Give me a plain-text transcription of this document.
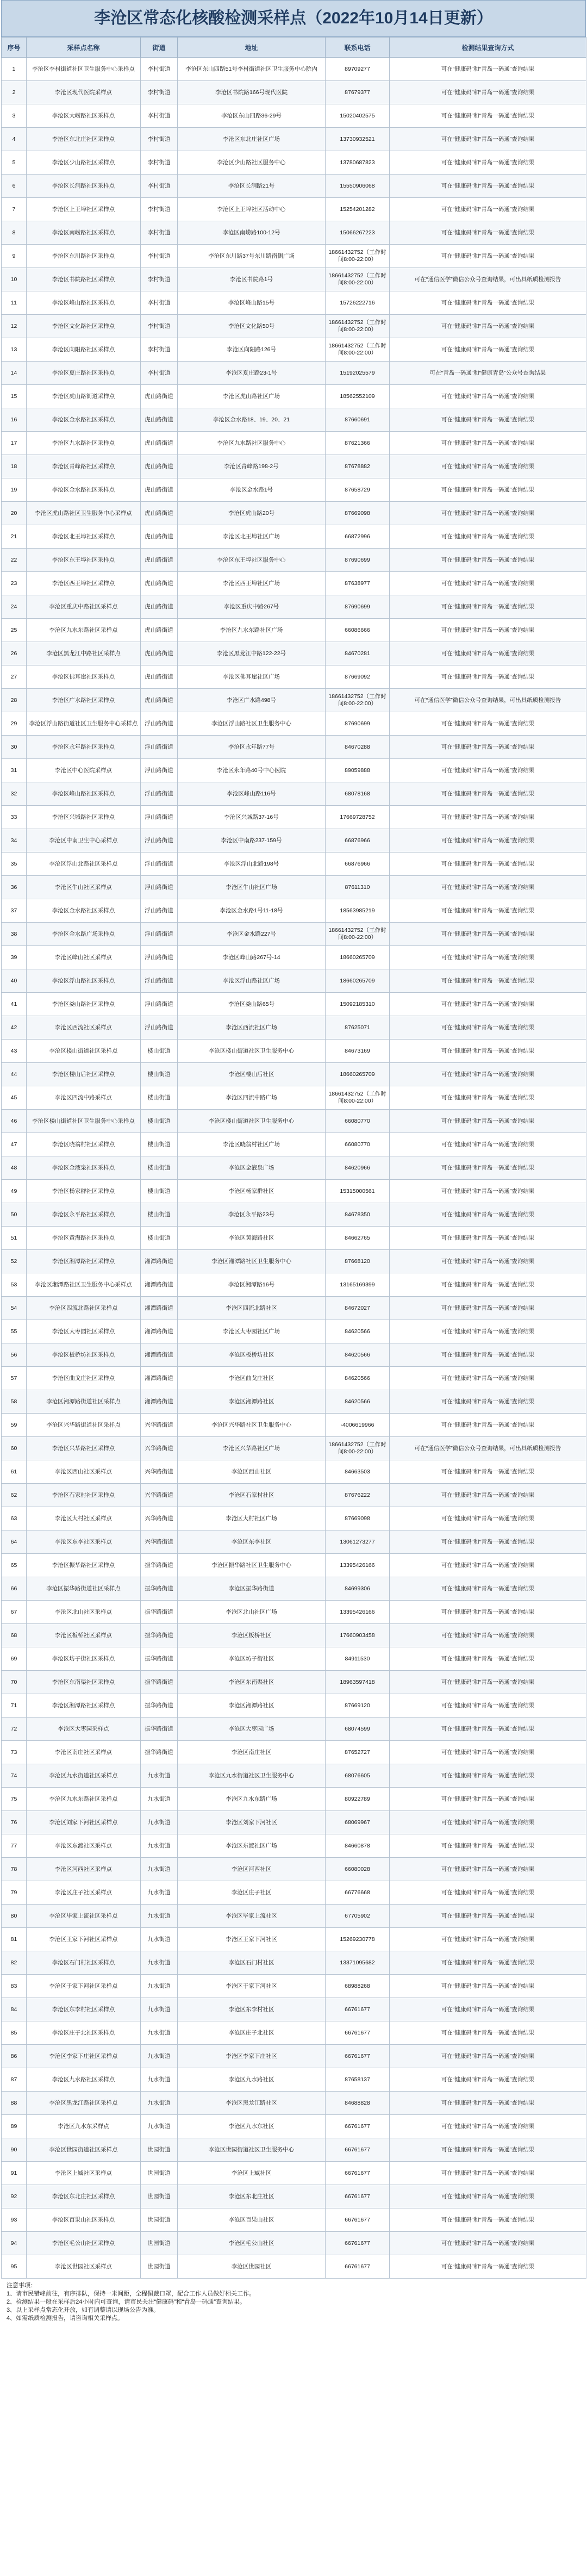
李沧区常态化核酸检测采样点（2022年10月14日更新）
序号	采样点名称	街道	地址	联系电话	检测结果查询方式
1	李沧区李村街道社区卫生服务中心采样点	李村街道	李沧区东山四路51号李村街道社区卫生服务中心院内	89709277	可在“健康码”和“青岛一码通”查询结果
2	李沧区现代医院采样点	李村街道	李沧区书院路166号现代医院	87679377	可在“健康码”和“青岛一码通”查询结果
3	李沧区大崂路社区采样点	李村街道	李沧区东山四路36-29号	15020402575	可在“健康码”和“青岛一码通”查询结果
4	李沧区东北庄社区采样点	李村街道	李沧区东北庄社区广场	13730932521	可在“健康码”和“青岛一码通”查询结果
5	李沧区少山路社区采样点	李村街道	李沧区少山路社区服务中心	13780687823	可在“健康码”和“青岛一码通”查询结果
6	李沧区长涧路社区采样点	李村街道	李沧区长涧路21号	15550906068	可在“健康码”和“青岛一码通”查询结果
7	李沧区上王埠社区采样点	李村街道	李沧区上王埠社区活动中心	15254201282	可在“健康码”和“青岛一码通”查询结果
8	李沧区南崂路社区采样点	李村街道	李沧区南崂路100-12号	15066267223	可在“健康码”和“青岛一码通”查询结果
9	李沧区东川路社区采样点	李村街道	李沧区东川路37号东川路南侧广场	18661432752（工作时间8:00-22:00）	可在“健康码”和“青岛一码通”查询结果
10	李沧区书院路社区采样点	李村街道	李沧区书院路1号	18661432752（工作时间8:00-22:00）	可在“通信医学”微信公众号查询结果，可出具纸质检测报告
11	李沧区峰山路社区采样点	李村街道	李沧区峰山路15号	15726222716	可在“健康码”和“青岛一码通”查询结果
12	李沧区文化路社区采样点	李村街道	李沧区文化路50号	18661432752（工作时间8:00-22:00）	可在“健康码”和“青岛一码通”查询结果
13	李沧区向阳路社区采样点	李村街道	李沧区向阳路126号	18661432752（工作时间8:00-22:00）	可在“健康码”和“青岛一码通”查询结果
14	李沧区夏庄路社区采样点	李村街道	李沧区夏庄路23-1号	15192025579	可在“青岛一码通”和“健康青岛”公众号查询结果
15	李沧区虎山路街道采样点	虎山路街道	李沧区虎山路社区广场	18562552109	可在“健康码”和“青岛一码通”查询结果
16	李沧区金水路社区采样点	虎山路街道	李沧区金水路18、19、20、21	87660691	可在“健康码”和“青岛一码通”查询结果
17	李沧区九水路社区采样点	虎山路街道	李沧区九水路社区服务中心	87621366	可在“健康码”和“青岛一码通”查询结果
18	李沧区青峰路社区采样点	虎山路街道	李沧区青峰路198-2号	87678882	可在“健康码”和“青岛一码通”查询结果
19	李沧区金水路社区采样点	虎山路街道	李沧区金水路1号	87658729	可在“健康码”和“青岛一码通”查询结果
20	李沧区虎山路社区卫生服务中心采样点	虎山路街道	李沧区虎山路20号	87669098	可在“健康码”和“青岛一码通”查询结果
21	李沧区北王埠社区采样点	虎山路街道	李沧区北王埠社区广场	66872996	可在“健康码”和“青岛一码通”查询结果
22	李沧区东王埠社区采样点	虎山路街道	李沧区东王埠社区服务中心	87690699	可在“健康码”和“青岛一码通”查询结果
23	李沧区西王埠社区采样点	虎山路街道	李沧区西王埠社区广场	87638977	可在“健康码”和“青岛一码通”查询结果
24	李沧区重庆中路社区采样点	虎山路街道	李沧区重庆中路267号	87690699	可在“健康码”和“青岛一码通”查询结果
25	李沧区九水东路社区采样点	虎山路街道	李沧区九水东路社区广场	66086666	可在“健康码”和“青岛一码通”查询结果
26	李沧区黑龙江中路社区采样点	虎山路街道	李沧区黑龙江中路122-22号	84670281	可在“健康码”和“青岛一码通”查询结果
27	李沧区佛耳崖社区采样点	虎山路街道	李沧区佛耳崖社区广场	87669092	可在“健康码”和“青岛一码通”查询结果
28	李沧区广水路社区采样点	虎山路街道	李沧区广水路498号	18661432752（工作时间8:00-22:00）	可在“通信医学”微信公众号查询结果，可出具纸质检测报告
29	李沧区浮山路街道社区卫生服务中心采样点	浮山路街道	李沧区浮山路社区卫生服务中心	87690699	可在“健康码”和“青岛一码通”查询结果
30	李沧区永年路社区采样点	浮山路街道	李沧区永年路77号	84670288	可在“健康码”和“青岛一码通”查询结果
31	李沧区中心医院采样点	浮山路街道	李沧区永年路40号中心医院	89059888	可在“健康码”和“青岛一码通”查询结果
32	李沧区峰山路社区采样点	浮山路街道	李沧区峰山路116号	68078168	可在“健康码”和“青岛一码通”查询结果
33	李沧区兴城路社区采样点	浮山路街道	李沧区兴城路37-16号	17669728752	可在“健康码”和“青岛一码通”查询结果
34	李沧区中南卫生中心采样点	浮山路街道	李沧区中南路237-159号	66876966	可在“健康码”和“青岛一码通”查询结果
35	李沧区浮山北路社区采样点	浮山路街道	李沧区浮山北路198号	66876966	可在“健康码”和“青岛一码通”查询结果
36	李沧区牛山社区采样点	浮山路街道	李沧区牛山社区广场	87611310	可在“健康码”和“青岛一码通”查询结果
37	李沧区金水路社区采样点	浮山路街道	李沧区金水路1号11-18号	18563985219	可在“健康码”和“青岛一码通”查询结果
38	李沧区金水路广场采样点	浮山路街道	李沧区金水路227号	18661432752（工作时间8:00-22:00）	可在“健康码”和“青岛一码通”查询结果
39	李沧区峰山社区采样点	浮山路街道	李沧区峰山路267号-14	18660265709	可在“健康码”和“青岛一码通”查询结果
40	李沧区浮山路社区采样点	浮山路街道	李沧区浮山路社区广场	18660265709	可在“健康码”和“青岛一码通”查询结果
41	李沧区娄山路社区采样点	浮山路街道	李沧区娄山路65号	15092185310	可在“健康码”和“青岛一码通”查询结果
42	李沧区西流社区采样点	浮山路街道	李沧区西流社区广场	87625071	可在“健康码”和“青岛一码通”查询结果
43	李沧区楼山街道社区采样点	楼山街道	李沧区楼山街道社区卫生服务中心	84673169	可在“健康码”和“青岛一码通”查询结果
44	李沧区楼山后社区采样点	楼山街道	李沧区楼山后社区	18660265709	可在“健康码”和“青岛一码通”查询结果
45	李沧区四流中路采样点	楼山街道	李沧区四流中路广场	18661432752（工作时间8:00-22:00）	可在“健康码”和“青岛一码通”查询结果
46	李沧区楼山街道社区卫生服务中心采样点	楼山街道	李沧区楼山街道社区卫生服务中心	66080770	可在“健康码”和“青岛一码通”查询结果
47	李沧区晓翁村社区采样点	楼山街道	李沧区晓翁村社区广场	66080770	可在“健康码”和“青岛一码通”查询结果
48	李沧区金液泉社区采样点	楼山街道	李沧区金液泉广场	84620966	可在“健康码”和“青岛一码通”查询结果
49	李沧区杨家群社区采样点	楼山街道	李沧区杨家群社区	15315000561	可在“健康码”和“青岛一码通”查询结果
50	李沧区永平路社区采样点	楼山街道	李沧区永平路23号	84678350	可在“健康码”和“青岛一码通”查询结果
51	李沧区黄海路社区采样点	楼山街道	李沧区黄海路社区	84662765	可在“健康码”和“青岛一码通”查询结果
52	李沧区湘潭路社区采样点	湘潭路街道	李沧区湘潭路社区卫生服务中心	87668120	可在“健康码”和“青岛一码通”查询结果
53	李沧区湘潭路社区卫生服务中心采样点	湘潭路街道	李沧区湘潭路16号	13165169399	可在“健康码”和“青岛一码通”查询结果
54	李沧区四流北路社区采样点	湘潭路街道	李沧区四流北路社区	84672027	可在“健康码”和“青岛一码通”查询结果
55	李沧区大枣园社区采样点	湘潭路街道	李沧区大枣园社区广场	84620566	可在“健康码”和“青岛一码通”查询结果
56	李沧区板桥坊社区采样点	湘潭路街道	李沧区板桥坊社区	84620566	可在“健康码”和“青岛一码通”查询结果
57	李沧区曲戈庄社区采样点	湘潭路街道	李沧区曲戈庄社区	84620566	可在“健康码”和“青岛一码通”查询结果
58	李沧区湘潭路街道社区采样点	湘潭路街道	李沧区湘潭路社区	84620566	可在“健康码”和“青岛一码通”查询结果
59	李沧区兴华路街道社区采样点	兴华路街道	李沧区兴华路社区卫生服务中心	-4006619966	可在“健康码”和“青岛一码通”查询结果
60	李沧区兴华路社区采样点	兴华路街道	李沧区兴华路社区广场	18661432752（工作时间8:00-22:00）	可在“通信医学”微信公众号查询结果，可出具纸质检测报告
61	李沧区西山社区采样点	兴华路街道	李沧区西山社区	84663503	可在“健康码”和“青岛一码通”查询结果
62	李沧区石家村社区采样点	兴华路街道	李沧区石家村社区	87676222	可在“健康码”和“青岛一码通”查询结果
63	李沧区大村社区采样点	兴华路街道	李沧区大村社区广场	87669098	可在“健康码”和“青岛一码通”查询结果
64	李沧区东李社区采样点	兴华路街道	李沧区东李社区	13061273277	可在“健康码”和“青岛一码通”查询结果
65	李沧区振华路社区采样点	振华路街道	李沧区振华路社区卫生服务中心	13395426166	可在“健康码”和“青岛一码通”查询结果
66	李沧区振华路街道社区采样点	振华路街道	李沧区振华路街道	84699306	可在“健康码”和“青岛一码通”查询结果
67	李沧区北山社区采样点	振华路街道	李沧区北山社区广场	13395426166	可在“健康码”和“青岛一码通”查询结果
68	李沧区板桥社区采样点	振华路街道	李沧区板桥社区	17660903458	可在“健康码”和“青岛一码通”查询结果
69	李沧区坊子街社区采样点	振华路街道	李沧区坊子街社区	84911530	可在“健康码”和“青岛一码通”查询结果
70	李沧区东南渠社区采样点	振华路街道	李沧区东南渠社区	18963597418	可在“健康码”和“青岛一码通”查询结果
71	李沧区湘潭路社区采样点	振华路街道	李沧区湘潭路社区	87669120	可在“健康码”和“青岛一码通”查询结果
72	李沧区大枣园采样点	振华路街道	李沧区大枣园广场	68074599	可在“健康码”和“青岛一码通”查询结果
73	李沧区南庄社区采样点	振华路街道	李沧区南庄社区	87652727	可在“健康码”和“青岛一码通”查询结果
74	李沧区九水街道社区采样点	九水街道	李沧区九水街道社区卫生服务中心	68076605	可在“健康码”和“青岛一码通”查询结果
75	李沧区九水东路社区采样点	九水街道	李沧区九水东路广场	80922789	可在“健康码”和“青岛一码通”查询结果
76	李沧区刘家下河社区采样点	九水街道	李沧区刘家下河社区	68069967	可在“健康码”和“青岛一码通”查询结果
77	李沧区东渡社区采样点	九水街道	李沧区东渡社区广场	84660878	可在“健康码”和“青岛一码通”查询结果
78	李沧区河西社区采样点	九水街道	李沧区河西社区	66080028	可在“健康码”和“青岛一码通”查询结果
79	李沧区庄子社区采样点	九水街道	李沧区庄子社区	66776668	可在“健康码”和“青岛一码通”查询结果
80	李沧区毕家上流社区采样点	九水街道	李沧区毕家上流社区	67705902	可在“健康码”和“青岛一码通”查询结果
81	李沧区王家下河社区采样点	九水街道	李沧区王家下河社区	15269230778	可在“健康码”和“青岛一码通”查询结果
82	李沧区石门村社区采样点	九水街道	李沧区石门村社区	13371095682	可在“健康码”和“青岛一码通”查询结果
83	李沧区于家下河社区采样点	九水街道	李沧区于家下河社区	68988268	可在“健康码”和“青岛一码通”查询结果
84	李沧区东李村社区采样点	九水街道	李沧区东李村社区	66761677	可在“健康码”和“青岛一码通”查询结果
85	李沧区庄子北社区采样点	九水街道	李沧区庄子北社区	66761677	可在“健康码”和“青岛一码通”查询结果
86	李沧区李家下庄社区采样点	九水街道	李沧区李家下庄社区	66761677	可在“健康码”和“青岛一码通”查询结果
87	李沧区九水路社区采样点	九水街道	李沧区九水路社区	87658137	可在“健康码”和“青岛一码通”查询结果
88	李沧区黑龙江路社区采样点	九水街道	李沧区黑龙江路社区	84688828	可在“健康码”和“青岛一码通”查询结果
89	李沧区九水东采样点	九水街道	李沧区九水东社区	66761677	可在“健康码”和“青岛一码通”查询结果
90	李沧区世园街道社区采样点	世园街道	李沧区世园街道社区卫生服务中心	66761677	可在“健康码”和“青岛一码通”查询结果
91	李沧区上臧社区采样点	世园街道	李沧区上臧社区	66761677	可在“健康码”和“青岛一码通”查询结果
92	李沧区东北庄社区采样点	世园街道	李沧区东北庄社区	66761677	可在“健康码”和“青岛一码通”查询结果
93	李沧区百果山社区采样点	世园街道	李沧区百果山社区	66761677	可在“健康码”和“青岛一码通”查询结果
94	李沧区毛公山社区采样点	世园街道	李沧区毛公山社区	66761677	可在“健康码”和“青岛一码通”查询结果
95	李沧区世园社区采样点	世园街道	李沧区世园社区	66761677	可在“健康码”和“青岛一码通”查询结果

注意事项：

1、请市民错峰前往，有序排队，保持一米间距，全程佩戴口罩，配合工作人员做好相关工作。

2、检测结果一般在采样后24小时内可查询，请市民关注“健康码”和“青岛一码通”查询结果。

3、以上采样点常态化开放，如有调整请以现场公告为准。

4、如需纸质检测报告，请咨询相关采样点。
